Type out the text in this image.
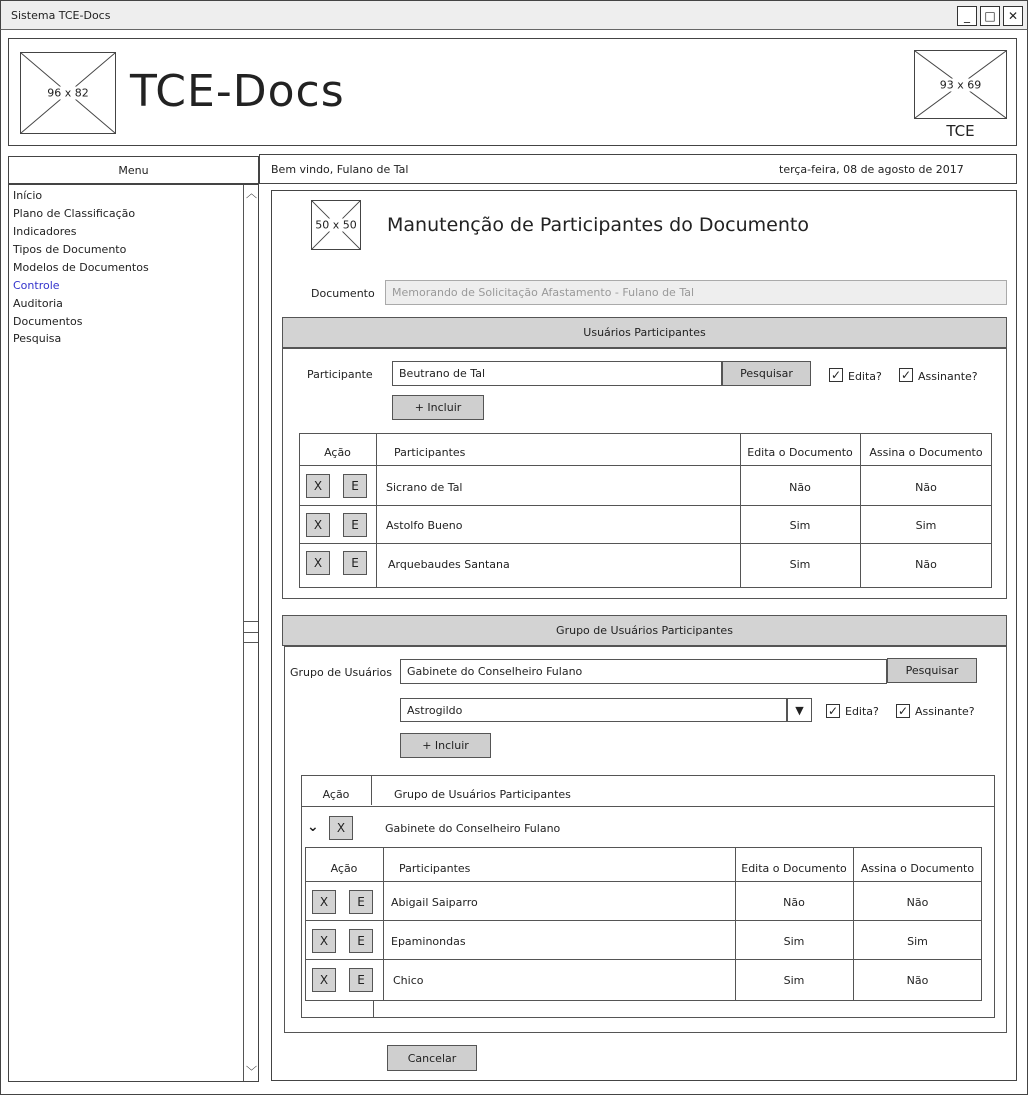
Sistema TCE-Docs	_	□	✕
96 x 82 TCE-Docs	93 x 69
TCE
Menu
︿
﹀
Início
Plano de Classificação
Indicadores
Tipos de Documento
Modelos de Documentos
Controle
Auditoria
Documentos
Pesquisa
Bem vindo, Fulano de Tal	terça-feira, 08 de agosto de 2017
50 x 50 Manutenção de Participantes do Documento
Documento	Memorando de Solicitação Afastamento - Fulano de Tal
Usuários Participantes
Participante	Beutrano de Tal	Pesquisar	✓ Edita? ✓ Assinante?
+ Incluir
Ação	Participantes	Edita o Documento	Assina o Documento
X	E	Sicrano de Tal	Não	Não
X	E	Astolfo Bueno	Sim	Sim
X	E	Arquebaudes Santana	Sim	Não
Grupo de Usuários Participantes
Grupo de Usuários	Gabinete do Conselheiro Fulano	Pesquisar
Astrogildo	▼	✓ Edita? ✓ Assinante?
+ Incluir
Ação	Grupo de Usuários Participantes
⌄	X	Gabinete do Conselheiro Fulano
Ação	Participantes	Edita o Documento	Assina o Documento
X	E	Abigail Saiparro	Não	Não
X	E	Epaminondas	Sim	Sim
X	E	Chico	Sim	Não
Cancelar
